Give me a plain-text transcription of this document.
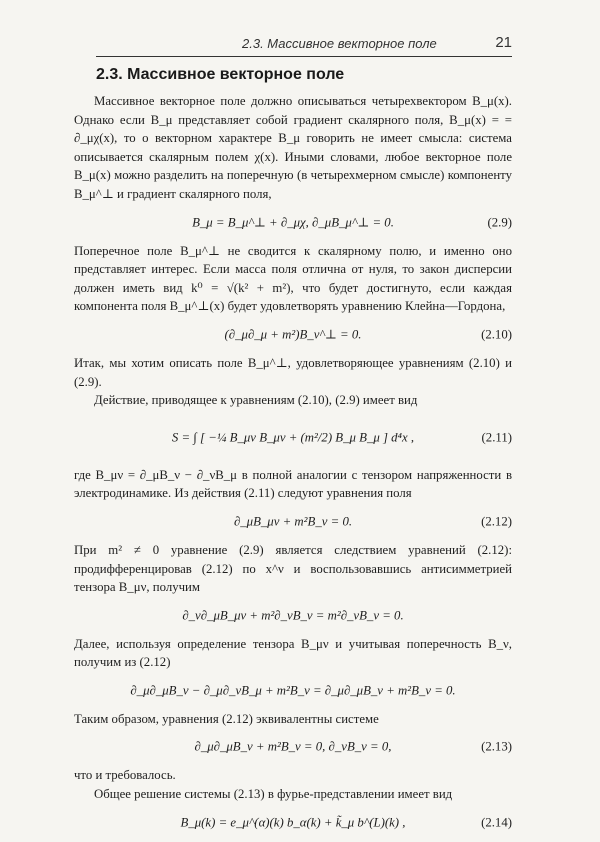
2.3. Массивное векторное поле	21
2.3. Массивное векторное поле

Массивное векторное поле должно описываться четырехвектором B_μ(x). Однако если B_μ представляет собой градиент скалярного поля, B_μ(x) = = ∂_μχ(x), то о векторном характере B_μ говорить не имеет смысла: система описывается скалярным полем χ(x). Иными словами, любое векторное поле B_μ(x) можно разделить на поперечную (в четырехмерном смысле) компоненту B_μ^⊥ и градиент скалярного поля,

B_μ = B_μ^⊥ + ∂_μχ, ∂_μB_μ^⊥ = 0.	(2.9)

Поперечное поле B_μ^⊥ не сводится к скалярному полю, и именно оно представляет интерес. Если масса поля отлична от нуля, то закон дисперсии должен иметь вид k⁰ = √(k² + m²), что будет достигнуто, если каждая компонента поля B_μ^⊥(x) будет удовлетворять уравнению Клейна—Гордона,

(∂_μ∂_μ + m²)B_ν^⊥ = 0.	(2.10)

Итак, мы хотим описать поле B_μ^⊥, удовлетворяющее уравнениям (2.10) и (2.9).

Действие, приводящее к уравнениям (2.10), (2.9) имеет вид

S = ∫ [ −¼ B_μν B_μν + (m²/2) B_μ B_μ ] d⁴x ,	(2.11)

где B_μν = ∂_μB_ν − ∂_νB_μ в полной аналогии с тензором напряженности в электродинамике. Из действия (2.11) следуют уравнения поля

∂_μB_μν + m²B_ν = 0.	(2.12)

При m² ≠ 0 уравнение (2.9) является следствием уравнений (2.12): продифференцировав (2.12) по x^ν и воспользовавшись антисимметрией тензора B_μν, получим

∂_ν∂_μB_μν + m²∂_νB_ν = m²∂_νB_ν = 0.

Далее, используя определение тензора B_μν и учитывая поперечность B_ν, получим из (2.12)

∂_μ∂_μB_ν − ∂_μ∂_νB_μ + m²B_ν = ∂_μ∂_μB_ν + m²B_ν = 0.

Таким образом, уравнения (2.12) эквивалентны системе

∂_μ∂_μB_ν + m²B_ν = 0, ∂_νB_ν = 0,	(2.13)

что и требовалось.

Общее решение системы (2.13) в фурье-представлении имеет вид

B_μ(k) = e_μ^(α)(k) b_α(k) + k̃_μ b^(L)(k) ,	(2.14)
